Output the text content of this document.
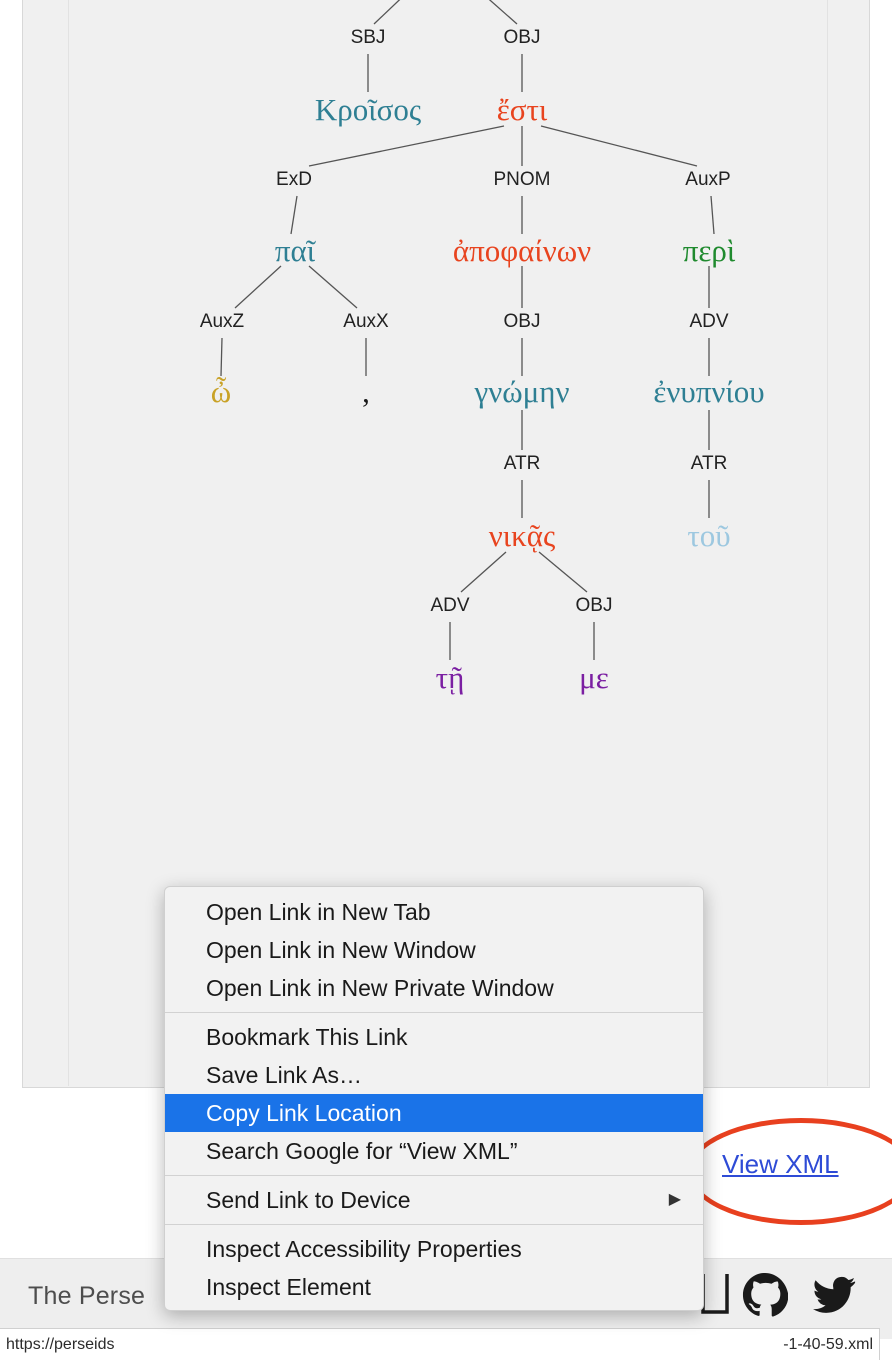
SBJ	OBJ
Κροῖσος ἔστι
ExD	PNOM	AuxP
παῖ	ἀποφαίνων	περὶ
AuxZ	AuxX	OBJ	ADV
ὦ	,	γνώμην	ἐνυπνίου
ATR	ATR
νικᾷς	τοῦ
ADV	OBJ
τῇ	με
View XML
The Perse
https://perseids	-1-40-59.xml
Open Link in New Tab
Open Link in New Window
Open Link in New Private Window
Bookmark This Link
Save Link As…
Copy Link Location
Search Google for “View XML”
Send Link to Device	▶
Inspect Accessibility Properties
Inspect Element
